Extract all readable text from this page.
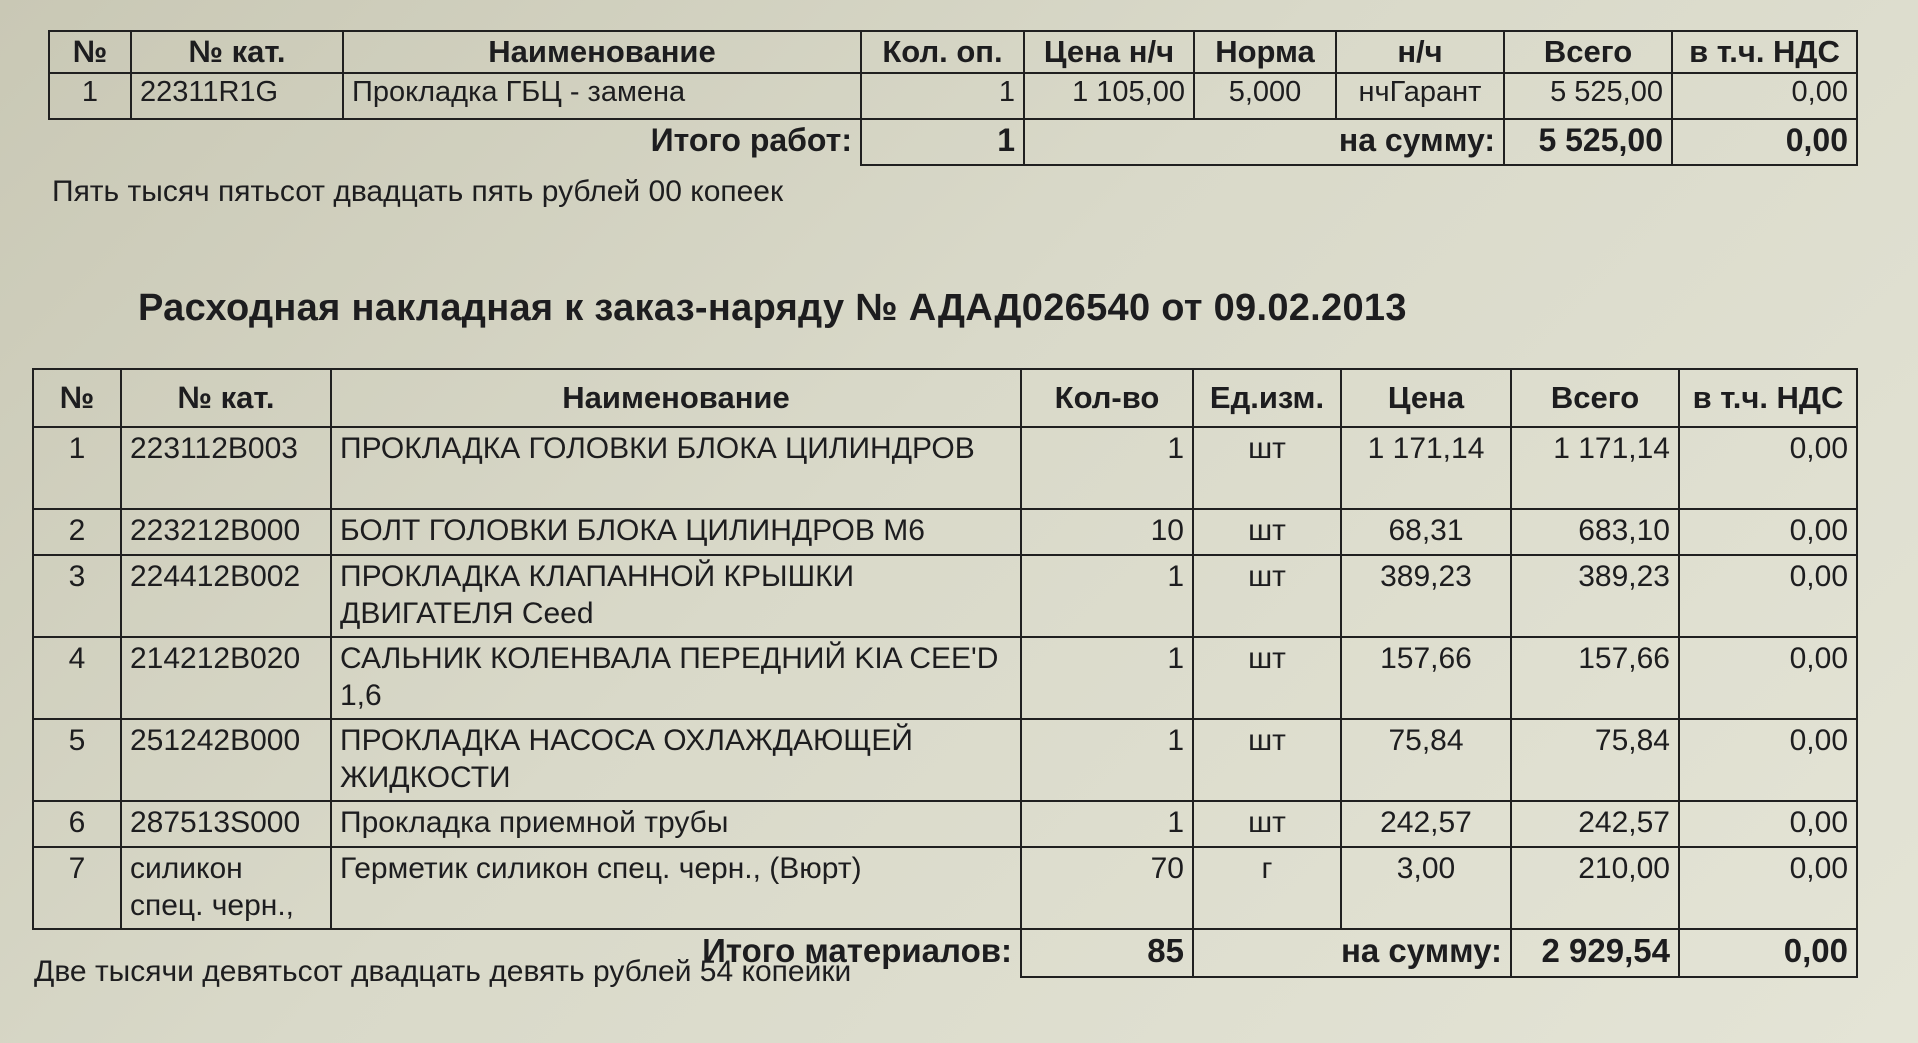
№	№ кат.	Наименование	Кол. оп.	Цена н/ч	Норма	н/ч	Всего	в т.ч. НДС
1	22311R1G	Прокладка ГБЦ - замена	1	1 105,00	5,000	нчГарант	5 525,00	0,00
Итого работ:			1	на сумму:			5 525,00	0,00
Пять тысяч пятьсот двадцать пять рублей 00 копеек
Расходная накладная к заказ-наряду № АДАД026540 от 09.02.2013
№	№ кат.	Наименование	Кол-во	Ед.изм.	Цена	Всего	в т.ч. НДС
1	223112B003	ПРОКЛАДКА ГОЛОВКИ БЛОКА ЦИЛИНДРОВ	1	шт	1 171,14	1 171,14	0,00
2	223212B000	БОЛТ ГОЛОВКИ БЛОКА ЦИЛИНДРОВ М6	10	шт	68,31	683,10	0,00
3	224412B002	ПРОКЛАДКА КЛАПАННОЙ КРЫШКИ ДВИГАТЕЛЯ Ceed	1	шт	389,23	389,23	0,00
4	214212B020	САЛЬНИК КОЛЕНВАЛА ПЕРЕДНИЙ KIA CEE'D 1,6	1	шт	157,66	157,66	0,00
5	251242B000	ПРОКЛАДКА НАСОСА ОХЛАЖДАЮЩЕЙ ЖИДКОСТИ	1	шт	75,84	75,84	0,00
6	287513S000	Прокладка приемной трубы	1	шт	242,57	242,57	0,00
7	силикон спец. черн.,	Герметик силикон спец. черн., (Вюрт)	70	г	3,00	210,00	0,00
Итого материалов:			85	на сумму:		2 929,54	0,00
Две тысячи девятьсот двадцать девять рублей 54 копейки
